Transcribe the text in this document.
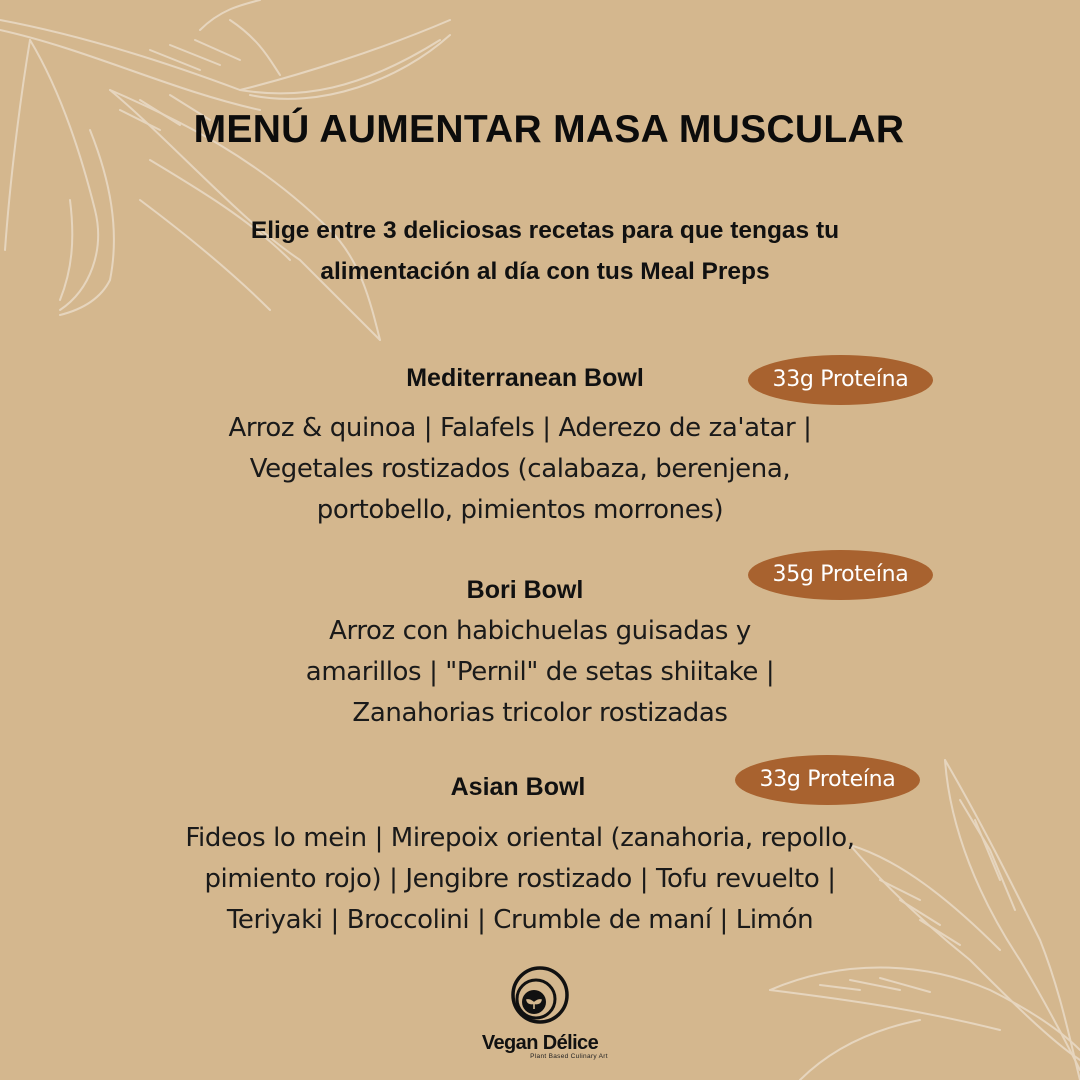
MENÚ AUMENTAR MASA MUSCULAR
Elige entre 3 deliciosas recetas para que tengas tu
alimentación al día con tus Meal Preps
Mediterranean Bowl	33g Proteína
Arroz & quinoa | Falafels | Aderezo de za'atar |
Vegetales rostizados (calabaza, berenjena,
portobello, pimientos morrones)
Bori Bowl
35g Proteína
Arroz con habichuelas guisadas y
amarillos | "Pernil" de setas shiitake |
Zanahorias tricolor rostizadas
Asian Bowl	33g Proteína
Fideos lo mein | Mirepoix oriental (zanahoria, repollo,
pimiento rojo) | Jengibre rostizado | Tofu revuelto |
Teriyaki | Broccolini | Crumble de maní | Limón
Vegan Délice
Plant Based Culinary Art
